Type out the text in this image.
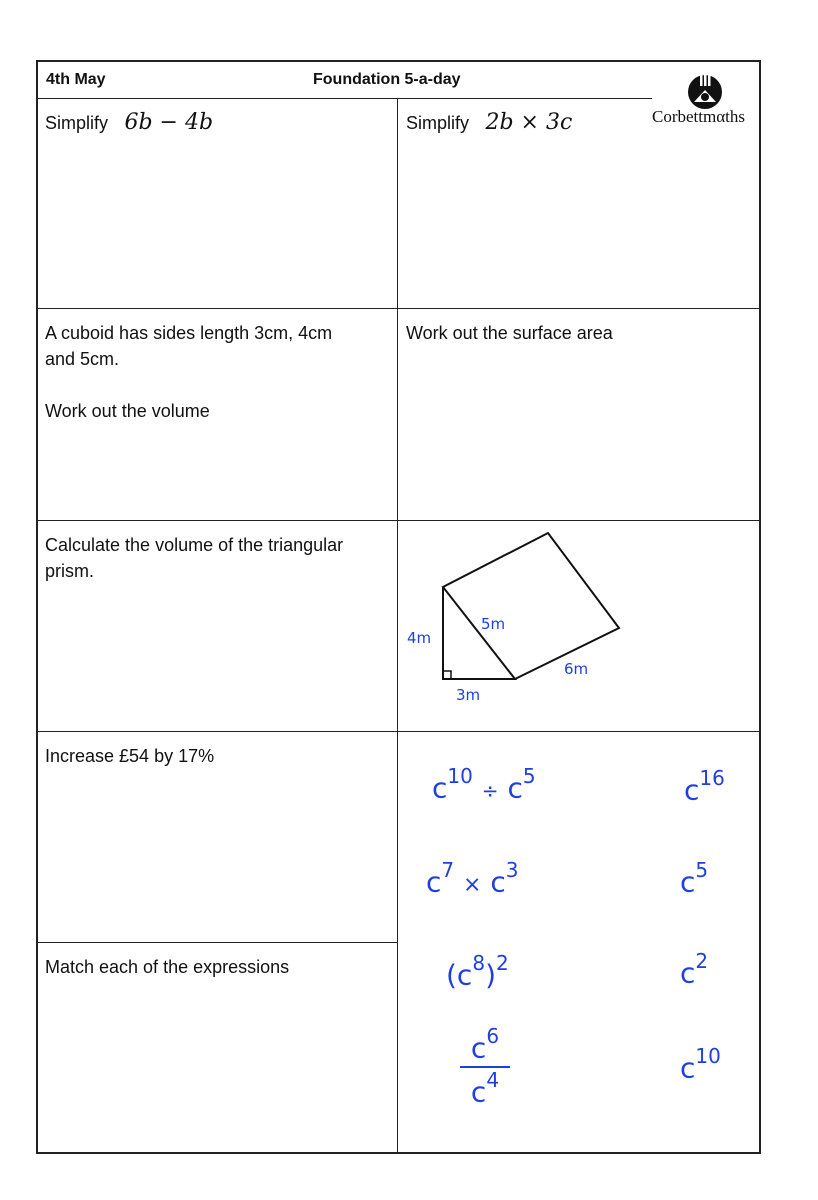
4th May	Foundation 5-a-day
Corbettmαths
Simplify 6b − 4b	Simplify 2b × 3c
A cuboid has sides length 3cm, 4cm
and 5cm.
Work out the volume
Work out the surface area
Calculate the volume of the triangular
prism.
4m
5m
3m
6m
Increase £54 by 17%
Match each of the expressions
$c^{10} \div c^5$
$c^7 \times c^3$
$(c^8)^2$
$c^6$
$c^4$
$c^{16}$
$c^5$
$c^2$
$c^{10}$
